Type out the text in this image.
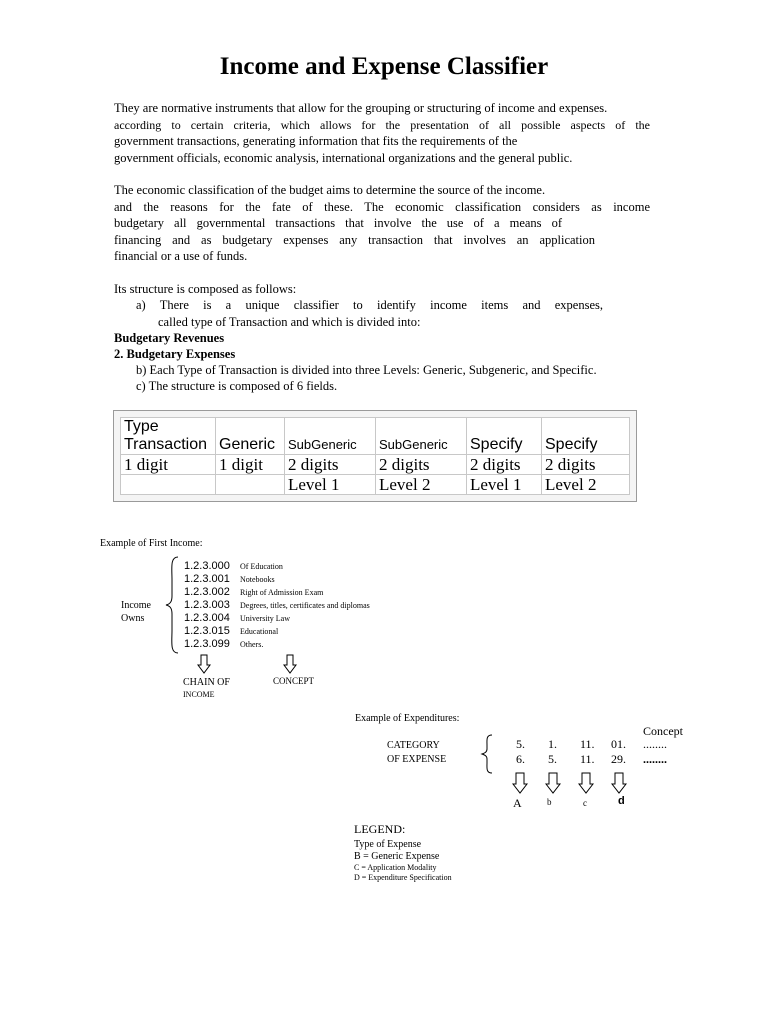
Income and Expense Classifier
They are normative instruments that allow for the grouping or structuring of income and expenses.
according to certain criteria, which allows for the presentation of all possible aspects of the
government transactions, generating information that fits the requirements of the
government officials, economic analysis, international organizations and the general public.
The economic classification of the budget aims to determine the source of the income.
and the reasons for the fate of these. The economic classification considers as income
budgetary all governmental transactions that involve the use of a means of
financing and as budgetary expenses any transaction that involves an application
financial or a use of funds.
Its structure is composed as follows:
a) There is a unique classifier to identify income items and expenses,
called type of Transaction and which is divided into:
Budgetary Revenues
2. Budgetary Expenses
b) Each Type of Transaction is divided into three Levels: Generic, Subgeneric, and Specific.
c) The structure is composed of 6 fields.
Type Transaction	Generic	SubGeneric	SubGeneric	Specify	Specify
1 digit	1 digit	2 digits	2 digits	2 digits	2 digits
		Level 1	Level 2	Level 1	Level 2
Example of First Income:
Income
Owns
1.2.3.000 Of Education
1.2.3.001 Notebooks
1.2.3.002 Right of Admission Exam
1.2.3.003 Degrees, titles, certificates and diplomas
1.2.3.004 University Law
1.2.3.015 Educational
1.2.3.099 Others.
CHAIN OF
INCOME
CONCEPT
Example of Expenditures:
Concept
CATEGORY
OF EXPENSE
5. 1. 11. 01. ........
6. 5. 11. 29. ........
A	b	c	d
LEGEND:
Type of Expense
B = Generic Expense
C = Application Modality
D = Expenditure Specification
